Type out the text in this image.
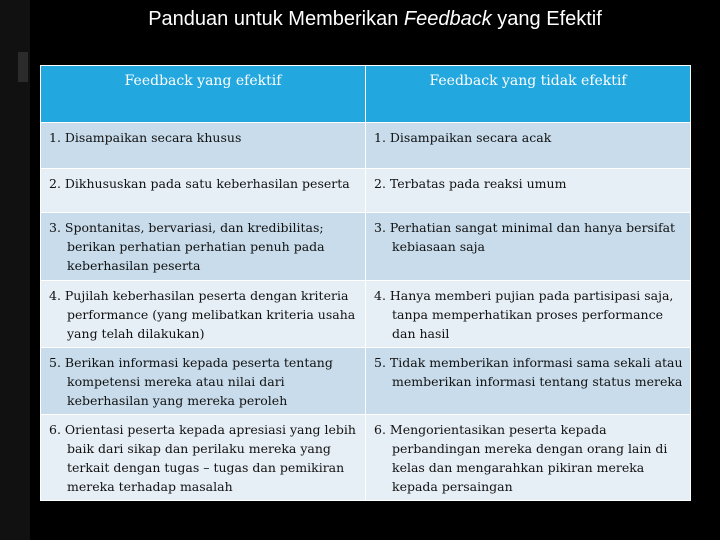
Panduan untuk Memberikan Feedback yang Efektif
Feedback yang efektif	Feedback yang tidak efektif

1. Disampaikan secara khusus	1. Disampaikan secara acak

2. Dikhususkan pada satu keberhasilan peserta	2. Terbatas pada reaksi umum

3. Spontanitas, bervariasi, dan kredibilitas; berikan perhatian perhatian penuh pada keberhasilan peserta	3. Perhatian sangat minimal dan hanya bersifat kebiasaan saja

4. Pujilah keberhasilan peserta dengan kriteria performance (yang melibatkan kriteria usaha yang telah dilakukan)	4. Hanya memberi pujian pada partisipasi saja, tanpa memperhatikan proses performance dan hasil

5. Berikan informasi kepada peserta tentang kompetensi mereka atau nilai dari keberhasilan yang mereka peroleh	5. Tidak memberikan informasi sama sekali atau memberikan informasi tentang status mereka

6. Orientasi peserta kepada apresiasi yang lebih baik dari sikap dan perilaku mereka yang terkait dengan tugas – tugas dan pemikiran mereka terhadap masalah	6. Mengorientasikan peserta kepada perbandingan mereka dengan orang lain di kelas dan mengarahkan pikiran mereka kepada persaingan
